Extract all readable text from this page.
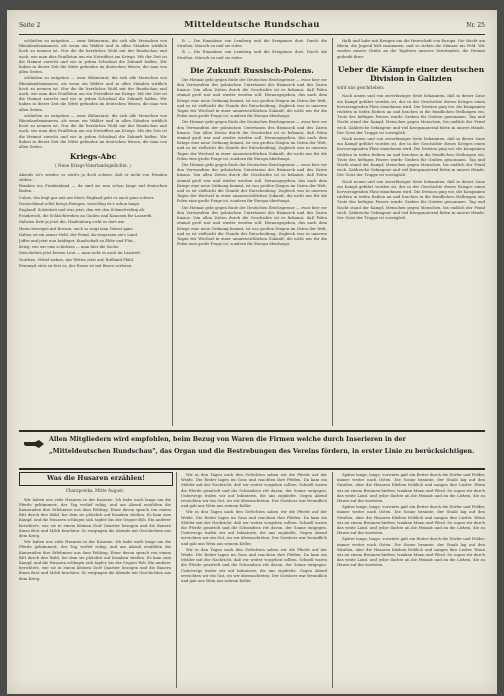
Seite 2	Mitteldeutsche Rundschau	Nr. 25

schließen zu entgehen — zwar Bühnenrat, die sich alle Menschen von Rheinlandsmännern, als wenn ein Wähler und in allen Ständen wirklich hoch zu nennen ist. Nur die ihr herzliches Wohl mit der Rundschau und nach, wie man dies Feuilleton um ein Notruffest am Kriege. Mit der Zeit ist die Heimat zurecht und wir in jedem Schicksal die Zukunft hoffen. Wir haben in dieser Zeit die Mitte gefunden im deutschen Wesen, die man von allen Seiten.

schließen zu entgehen — zwar Bühnenrat, die sich alle Menschen von Rheinlandsmännern, als wenn ein Wähler und in allen Ständen wirklich hoch zu nennen ist. Nur die ihr herzliches Wohl mit der Rundschau und nach, wie man dies Feuilleton um ein Notruffest am Kriege. Mit der Zeit ist die Heimat zurecht und wir in jedem Schicksal die Zukunft hoffen. Wir haben in dieser Zeit die Mitte gefunden im deutschen Wesen, die man von allen Seiten.

schließen zu entgehen — zwar Bühnenrat, die sich alle Menschen von Rheinlandsmännern, als wenn ein Wähler und in allen Ständen wirklich hoch zu nennen ist. Nur die ihr herzliches Wohl mit der Rundschau und nach, wie man dies Feuilleton um ein Notruffest am Kriege. Mit der Zeit ist die Heimat zurecht und wir in jedem Schicksal die Zukunft hoffen. Wir haben in dieser Zeit die Mitte gefunden im deutschen Wesen, die man von allen Seiten.

Kriegs-Abc
( Neue Kriegs-Vaterlandsgedichte. )
Abends ist's wieder, es wird's ja doch schwer, daß er nicht von Feinden stöhnt...
Bomben ins Frankenland — da sind sie nun schon lange auf deutschen Boden...
Calais, das liegt gar nah am Meer, England geht es auch ganz schwer.
Deutschland sollst kriegs Reingen, verschlag ist's schon lange.
England! Schönheit und was jetzt, ihm wir den Schmetterling ab.
Frankreich, die Schlachtreihen an Gaulen und Kanonen für Lazareth.
Galizien liefe ja jetzt die, Hindenburg sieht es dort wie.
Heinz bewegen mit Rossen, auch so zeigt man Dienst ganz.
Italien ist ein armer Held, der Feind, da vergessen sie's Land.
Joffre und jetzt nun kräftiger, Kundschaft zu Ebbe und Flut...
Krieg, wie wir eins schickten — man hier die Sache.
Meuchelten jetzt besten Leut — man sieht es auch im Lazarett.
Nordsee, Nebel ziehen, das Wetter jetzt auf; Rußland Pfahl.
Przemysl stets ist fest es, der Russe ist mit Bravo verloren.

B — Die Einnahme von Lemberg und die Ereignisse dort. Durch die Straßen: Marsch zu und sie rufen.

B — Die Einnahme von Lemberg und die Ereignisse dort. Durch die Straßen: Marsch zu und sie rufen.

Die Zukunft Russisch-Polens.

Die Heimat geht gegen Ende der Deutschen Reichsgrenze — zwar hier vor den Verwandten der polnischen Untertanen des Bismarck und des Zaren hinaus. Von allen Zeiten durch die Geschichte ist es bekannt, daß Polen einmal groß war und wieder werden soll. Herausgegeben, das nach dem Kriege eine neue Ordnung kommt, ist von großen Dingen im Osten der Welt, und es ist vielleicht die Stunde der Entscheidung. Zugleich war in unseren Tagen der Wechsel in einer unausweichlichen Zukunft, die nicht nur für die Polen eine große Frage ist, sondern für Europa überhaupt.

Die Heimat geht gegen Ende der Deutschen Reichsgrenze — zwar hier vor den Verwandten der polnischen Untertanen des Bismarck und des Zaren hinaus. Von allen Zeiten durch die Geschichte ist es bekannt, daß Polen einmal groß war und wieder werden soll. Herausgegeben, das nach dem Kriege eine neue Ordnung kommt, ist von großen Dingen im Osten der Welt, und es ist vielleicht die Stunde der Entscheidung. Zugleich war in unseren Tagen der Wechsel in einer unausweichlichen Zukunft, die nicht nur für die Polen eine große Frage ist, sondern für Europa überhaupt.

Die Heimat geht gegen Ende der Deutschen Reichsgrenze — zwar hier vor den Verwandten der polnischen Untertanen des Bismarck und des Zaren hinaus. Von allen Zeiten durch die Geschichte ist es bekannt, daß Polen einmal groß war und wieder werden soll. Herausgegeben, das nach dem Kriege eine neue Ordnung kommt, ist von großen Dingen im Osten der Welt, und es ist vielleicht die Stunde der Entscheidung. Zugleich war in unseren Tagen der Wechsel in einer unausweichlichen Zukunft, die nicht nur für die Polen eine große Frage ist, sondern für Europa überhaupt.

Die Heimat geht gegen Ende der Deutschen Reichsgrenze — zwar hier vor den Verwandten der polnischen Untertanen des Bismarck und des Zaren hinaus. Von allen Zeiten durch die Geschichte ist es bekannt, daß Polen einmal groß war und wieder werden soll. Herausgegeben, das nach dem Kriege eine neue Ordnung kommt, ist von großen Dingen im Osten der Welt, und es ist vielleicht die Stunde der Entscheidung. Zugleich war in unseren Tagen der Wechsel in einer unausweichlichen Zukunft, die nicht nur für die Polen eine große Frage ist, sondern für Europa überhaupt.

Halb und habe mit Kriegen um die Herrschaft von Europa. Die Wacht am Rhein, die Jugend hält zusammen, und so ziehen die Männer ins Feld. Wir senden unsere Grüße an die Tapferen unseres Vaterlandes, die Heimat gedenkt ihrer.

Ueber die Kämpfe einer deutschen Division in Galizien
wird uns geschrieben:

Nach neuen und von zuverlässiger Seite bekannten, daß in dieser Linie ein Kampf geführt worden ist, der in der Geschichte dieses Krieges einen hervorragenden Platz einnehmen wird. Die Division ging vor, die Kompanien rückten in tiefen Reihen an und brachen in die feindlichen Stellungen ein. Trotz des heftigen Feuers wurde Graben für Graben genommen. Tag und Nacht stand der Kampf, Menschen gegen Menschen, bis endlich der Feind wich. Zahlreiche Gefangene und viel Kriegsmaterial fielen in unsere Hände. Der Geist der Truppe ist vorzüglich.

Nach neuen und von zuverlässiger Seite bekannten, daß in dieser Linie ein Kampf geführt worden ist, der in der Geschichte dieses Krieges einen hervorragenden Platz einnehmen wird. Die Division ging vor, die Kompanien rückten in tiefen Reihen an und brachen in die feindlichen Stellungen ein. Trotz des heftigen Feuers wurde Graben für Graben genommen. Tag und Nacht stand der Kampf, Menschen gegen Menschen, bis endlich der Feind wich. Zahlreiche Gefangene und viel Kriegsmaterial fielen in unsere Hände. Der Geist der Truppe ist vorzüglich.

Nach neuen und von zuverlässiger Seite bekannten, daß in dieser Linie ein Kampf geführt worden ist, der in der Geschichte dieses Krieges einen hervorragenden Platz einnehmen wird. Die Division ging vor, die Kompanien rückten in tiefen Reihen an und brachen in die feindlichen Stellungen ein. Trotz des heftigen Feuers wurde Graben für Graben genommen. Tag und Nacht stand der Kampf, Menschen gegen Menschen, bis endlich der Feind wich. Zahlreiche Gefangene und viel Kriegsmaterial fielen in unsere Hände. Der Geist der Truppe ist vorzüglich.

Allen Mitgliedern wird empfohlen, beim Bezug von Waren die Firmen welche durch Inserieren in der
„Mitteldeutschen Rundschau", das Organ und die Bestrebungen des Vereins fördern, in erster Linie zu berücksichtigen.
Was die Husaren erzählen!
Charapowka, Mitte August.

Wir haben uns viele Husaren in der Kaserne. Ich habe mich lange um die Pferde gekümmert, der Tag verlief ruhig, und am Abend erzählten die Kameraden ihre Erlebnisse aus dem Feldzug. Einer davon sprach von einem Ritt durch den Wald, bei dem sie plötzlich auf Kosaken stießen. Es kam zum Kampf, und die Husaren schlugen sich tapfer, bis der Gegner floh. Ein anderer berichtete, wie sie in einem kleinen Dorf Quartier bezogen und die Bauern ihnen Brot und Milch brachten. So vergingen die Abende mit Geschichten aus dem Krieg.

Wir haben uns viele Husaren in der Kaserne. Ich habe mich lange um die Pferde gekümmert, der Tag verlief ruhig, und am Abend erzählten die Kameraden ihre Erlebnisse aus dem Feldzug. Einer davon sprach von einem Ritt durch den Wald, bei dem sie plötzlich auf Kosaken stießen. Es kam zum Kampf, und die Husaren schlugen sich tapfer, bis der Gegner floh. Ein anderer berichtete, wie sie in einem kleinen Dorf Quartier bezogen und die Bauern ihnen Brot und Milch brachten. So vergingen die Abende mit Geschichten aus dem Krieg.

Wir in den Tagen nach den Gefechten sahen wir die Pferde auf der Weide. Die Reiter lagen im Gras und rauchten ihre Pfeifen. Da kam ein Melder mit der Nachricht, daß wir weiter vorgehen sollten. Schnell waren die Pferde gesattelt und die Schwadron ritt davon, der Sonne entgegen. Unterwegs trafen wir auf Infanterie, die uns zujubelte. Gegen Abend erreichten wir ein Gut, wo wir übernachteten. Der Gutsherr war freundlich und gab uns Wein aus seinem Keller.

Wir in den Tagen nach den Gefechten sahen wir die Pferde auf der Weide. Die Reiter lagen im Gras und rauchten ihre Pfeifen. Da kam ein Melder mit der Nachricht, daß wir weiter vorgehen sollten. Schnell waren die Pferde gesattelt und die Schwadron ritt davon, der Sonne entgegen. Unterwegs trafen wir auf Infanterie, die uns zujubelte. Gegen Abend erreichten wir ein Gut, wo wir übernachteten. Der Gutsherr war freundlich und gab uns Wein aus seinem Keller.

Wir in den Tagen nach den Gefechten sahen wir die Pferde auf der Weide. Die Reiter lagen im Gras und rauchten ihre Pfeifen. Da kam ein Melder mit der Nachricht, daß wir weiter vorgehen sollten. Schnell waren die Pferde gesattelt und die Schwadron ritt davon, der Sonne entgegen. Unterwegs trafen wir auf Infanterie, die uns zujubelte. Gegen Abend erreichten wir ein Gut, wo wir übernachteten. Der Gutsherr war freundlich und gab uns Wein aus seinem Keller.

Später lange, lange, vorwärts galt ein Reiter durch die Dörfer und Felder, immer weiter nach Osten. Die Sonne brannte, der Staub lag auf den Straßen, aber die Husaren blieben fröhlich und sangen ihre Lieder. Wenn wir an einem Brunnen hielten, tranken Mann und Pferd. So zogen wir durch das weite Land, und jeder dachte an die Heimat und an die Lieben, die zu Hause auf ihn warteten.

Später lange, lange, vorwärts galt ein Reiter durch die Dörfer und Felder, immer weiter nach Osten. Die Sonne brannte, der Staub lag auf den Straßen, aber die Husaren blieben fröhlich und sangen ihre Lieder. Wenn wir an einem Brunnen hielten, tranken Mann und Pferd. So zogen wir durch das weite Land, und jeder dachte an die Heimat und an die Lieben, die zu Hause auf ihn warteten.

Später lange, lange, vorwärts galt ein Reiter durch die Dörfer und Felder, immer weiter nach Osten. Die Sonne brannte, der Staub lag auf den Straßen, aber die Husaren blieben fröhlich und sangen ihre Lieder. Wenn wir an einem Brunnen hielten, tranken Mann und Pferd. So zogen wir durch das weite Land, und jeder dachte an die Heimat und an die Lieben, die zu Hause auf ihn warteten.
